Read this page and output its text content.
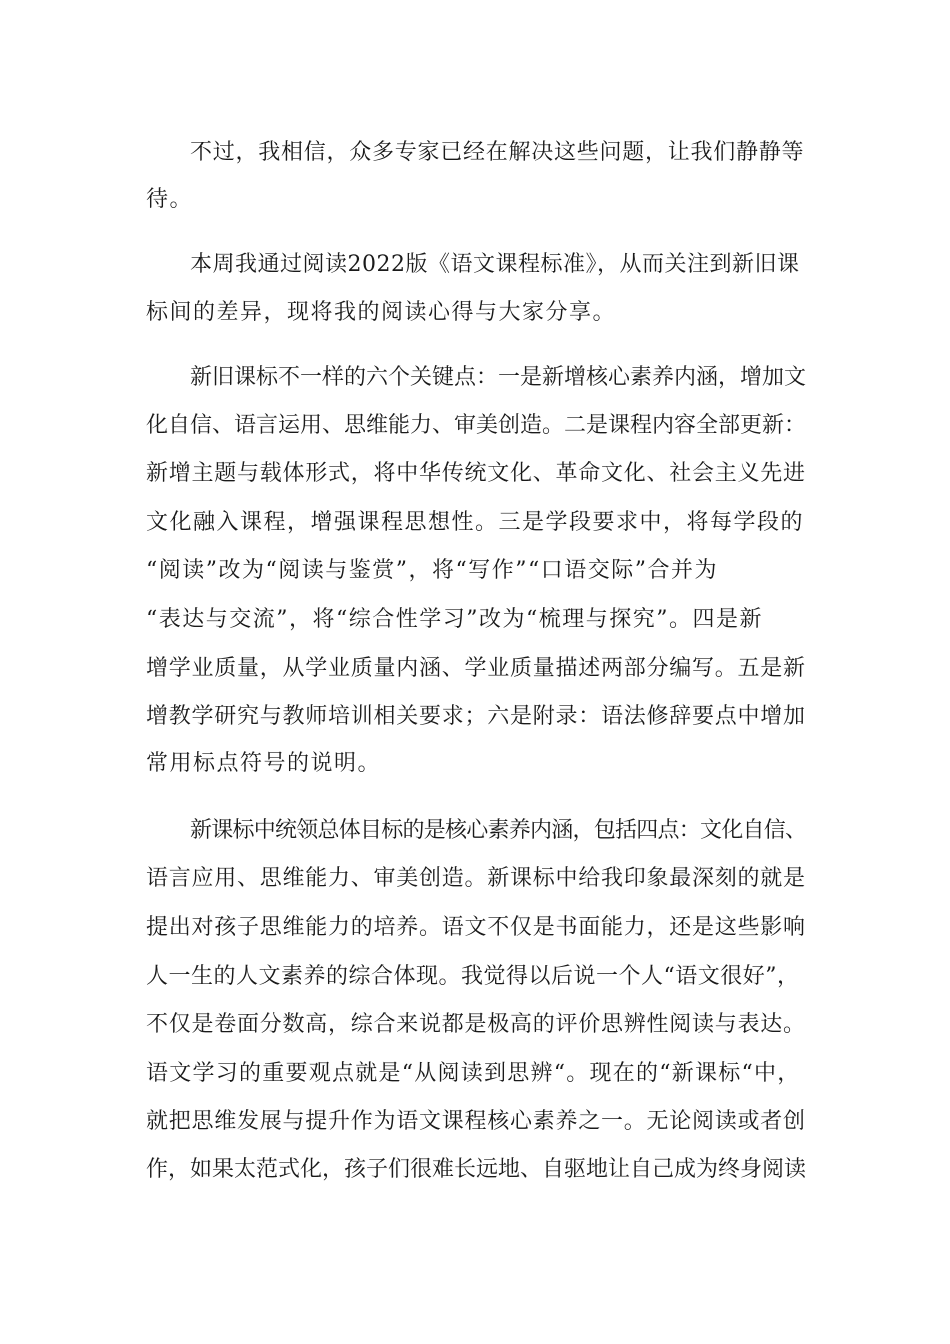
不过，我相信，众多专家已经在解决这些问题，让我们静静等
待。
本周我通过阅读2022版《语文课程标准》，从而关注到新旧课
标间的差异，现将我的阅读心得与大家分享。
新旧课标不一样的六个关键点：一是新增核心素养内涵，增加文
化自信、语言运用、思维能力、审美创造。二是课程内容全部更新：
新增主题与载体形式，将中华传统文化、革命文化、社会主义先进
文化融入课程，增强课程思想性。三是学段要求中，将每学段的
“阅读”改为“阅读与鉴赏”，将“写作”“口语交际”合并为
“表达与交流”，将“综合性学习”改为“梳理与探究”。四是新
增学业质量，从学业质量内涵、学业质量描述两部分编写。五是新
增教学研究与教师培训相关要求；六是附录：语法修辞要点中增加
常用标点符号的说明。
新课标中统领总体目标的是核心素养内涵，包括四点：文化自信、
语言应用、思维能力、审美创造。新课标中给我印象最深刻的就是
提出对孩子思维能力的培养。语文不仅是书面能力，还是这些影响
人一生的人文素养的综合体现。我觉得以后说一个人“语文很好”，
不仅是卷面分数高，综合来说都是极高的评价思辨性阅读与表达。
语文学习的重要观点就是“从阅读到思辨“。现在的“新课标“中，
就把思维发展与提升作为语文课程核心素养之一。无论阅读或者创
作，如果太范式化，孩子们很难长远地、自驱地让自己成为终身阅读
